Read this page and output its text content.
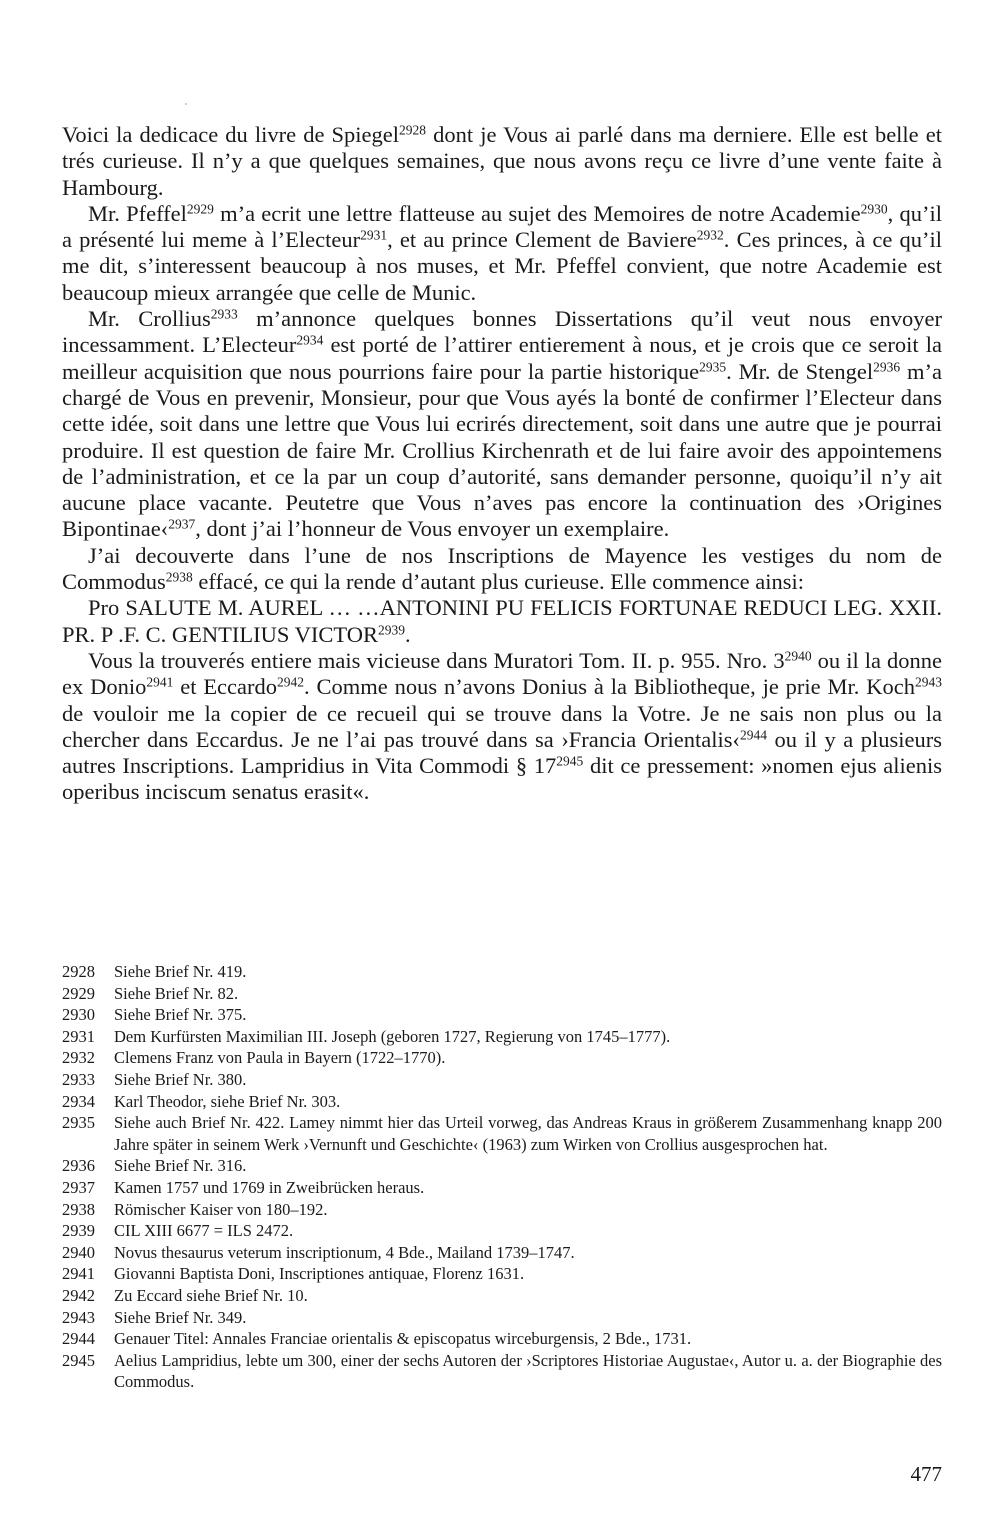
Voici la dedicace du livre de Spiegel$^{2928}$ dont je Vous ai parlé dans ma derniere. Elle est belle et trés curieuse. Il n’y a que quelques semaines, que nous avons reçu ce livre d’une vente faite à Hambourg.

Mr. Pfeffel$^{2929}$ m’a ecrit une lettre flatteuse au sujet des Memoires de notre Academie$^{2930}$, qu’il a présenté lui meme à l’Electeur$^{2931}$, et au prince Clement de Baviere$^{2932}$. Ces princes, à ce qu’il me dit, s’interessent beaucoup à nos muses, et Mr. Pfeffel convient, que notre Academie est beaucoup mieux arrangée que celle de Munic.

Mr. Crollius$^{2933}$ m’annonce quelques bonnes Dissertations qu’il veut nous envoyer incessamment. L’Electeur$^{2934}$ est porté de l’attirer entierement à nous, et je crois que ce seroit la meilleur acquisition que nous pourrions faire pour la partie historique$^{2935}$. Mr. de Stengel$^{2936}$ m’a chargé de Vous en prevenir, Monsieur, pour que Vous ayés la bonté de confirmer l’Electeur dans cette idée, soit dans une lettre que Vous lui ecrirés directement, soit dans une autre que je pourrai produire. Il est question de faire Mr. Crollius Kirchenrath et de lui faire avoir des appointemens de l’administration, et ce la par un coup d’autorité, sans demander personne, quoiqu’il n’y ait aucune place vacante. Peutetre que Vous n’aves pas encore la continuation des ›Origines Bipontinae‹$^{2937}$, dont j’ai l’honneur de Vous envoyer un exemplaire.

J’ai decouverte dans l’une de nos Inscriptions de Mayence les vestiges du nom de Commodus$^{2938}$ effacé, ce qui la rende d’autant plus curieuse. Elle commence ainsi:

Pro SALUTE M. AUREL … …ANTONINI PU FELICIS FORTUNAE REDUCI LEG. XXII. PR. P .F. C. GENTILIUS $VICTOR^{2939}$.

Vous la trouverés entiere mais vicieuse dans Muratori Tom. II. p. 955. Nro. $3^{2940}$ ou il la donne ex Donio$^{2941}$ et Eccardo$^{2942}$. Comme nous n’avons Donius à la Bibliotheque, je prie Mr. Koch$^{2943}$ de vouloir me la copier de ce recueil qui se trouve dans la Votre. Je ne sais non plus ou la chercher dans Eccardus. Je ne l’ai pas trouvé dans sa ›Francia Orientalis‹$^{2944}$ ou il y a plusieurs autres Inscriptions. Lampridius in Vita Commodi § $17^{2945}$ dit ce pressement: »nomen ejus alienis operibus inciscum senatus erasit«.

2928	Siehe Brief Nr. 419.
2929	Siehe Brief Nr. 82.
2930	Siehe Brief Nr. 375.
2931	Dem Kurfürsten Maximilian III. Joseph (geboren 1727, Regierung von 1745–1777).
2932	Clemens Franz von Paula in Bayern (1722–1770).
2933	Siehe Brief Nr. 380.
2934	Karl Theodor, siehe Brief Nr. 303.
2935	Siehe auch Brief Nr. 422. Lamey nimmt hier das Urteil vorweg, das Andreas Kraus in größerem Zusammenhang knapp 200 Jahre später in seinem Werk ›Vernunft und Geschichte‹ (1963) zum Wirken von Crollius ausgesprochen hat.
2936	Siehe Brief Nr. 316.
2937	Kamen 1757 und 1769 in Zweibrücken heraus.
2938	Römischer Kaiser von 180–192.
2939	CIL XIII 6677 = ILS 2472.
2940	Novus thesaurus veterum inscriptionum, 4 Bde., Mailand 1739–1747.
2941	Giovanni Baptista Doni, Inscriptiones antiquae, Florenz 1631.
2942	Zu Eccard siehe Brief Nr. 10.
2943	Siehe Brief Nr. 349.
2944	Genauer Titel: Annales Franciae orientalis & episcopatus wirceburgensis, 2 Bde., 1731.
2945	Aelius Lampridius, lebte um 300, einer der sechs Autoren der ›Scriptores Historiae Augustae‹, Autor u. a. der Biographie des Commodus.
477
